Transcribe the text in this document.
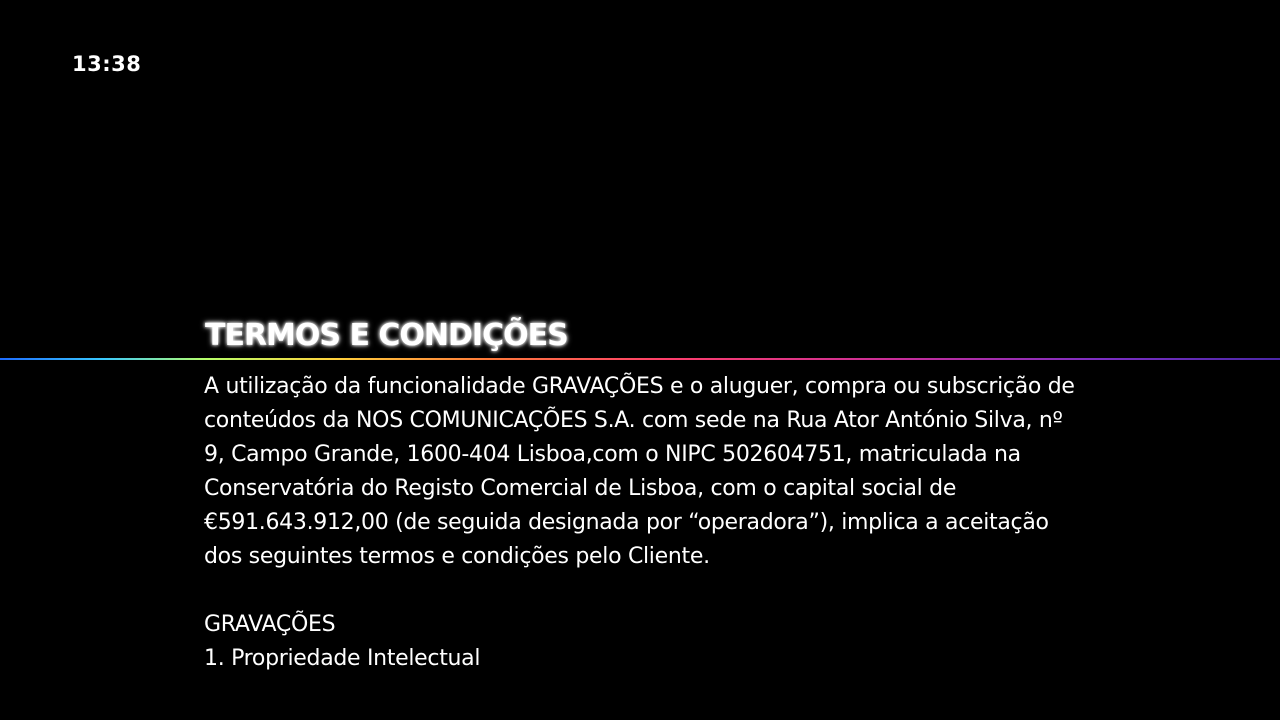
13:38
TERMOS E CONDIÇÕES

A utilização da funcionalidade GRAVAÇÕES e o aluguer, compra ou subscrição de conteúdos da NOS COMUNICAÇÕES S.A. com sede na Rua Ator António Silva, nº 9, Campo Grande, 1600-404 Lisboa,com o NIPC 502604751, matriculada na Conservatória do Registo Comercial de Lisboa, com o capital social de €591.643.912,00 (de seguida designada por “operadora”), implica a aceitação dos seguintes termos e condições pelo Cliente.

GRAVAÇÕES

1. Propriedade Intelectual
